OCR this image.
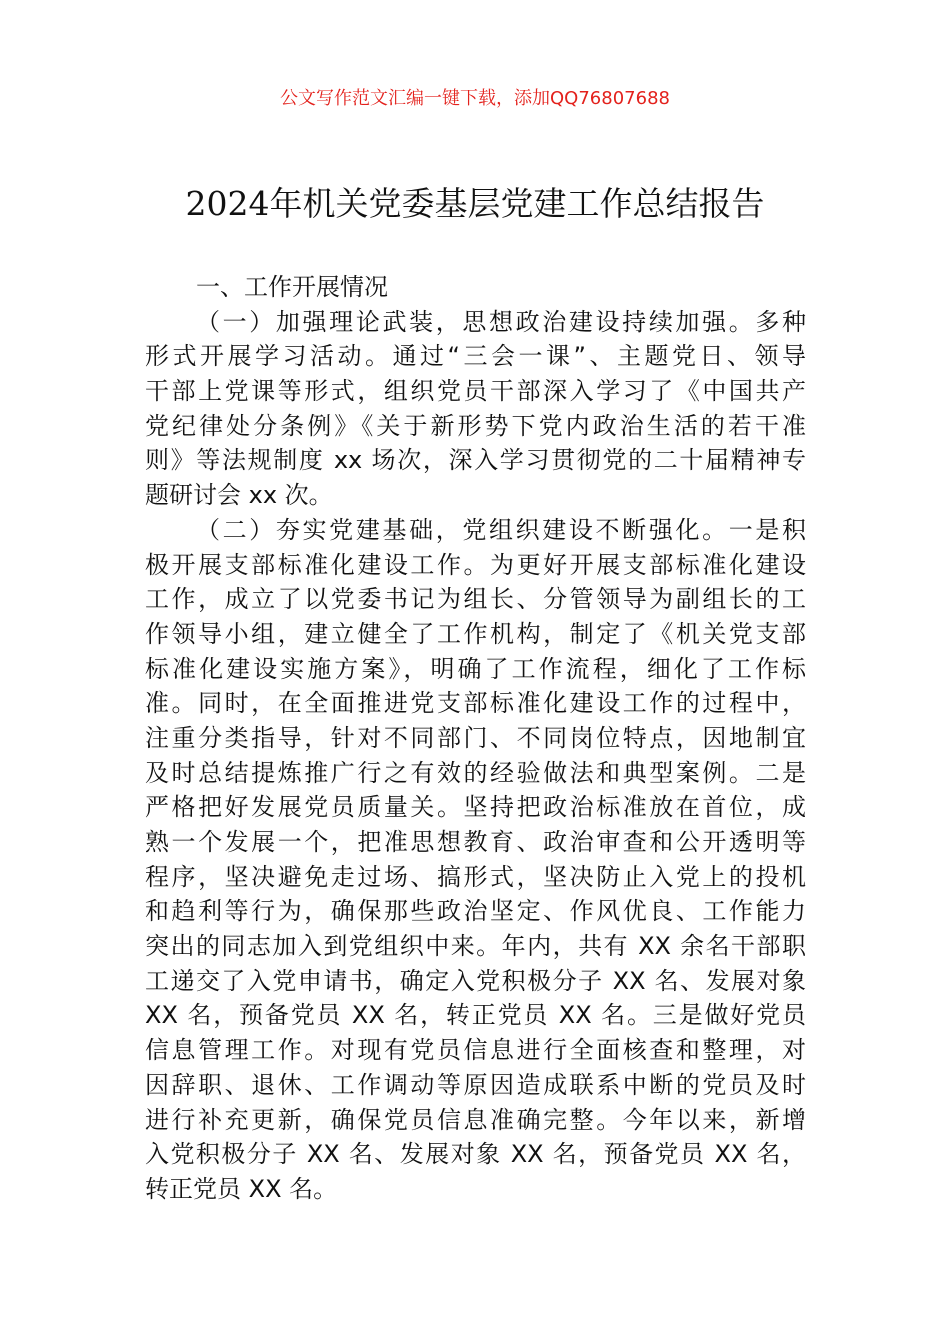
公文写作范文汇编一键下载，添加QQ76807688
2024年机关党委基层党建工作总结报告
一、工作开展情况
（一）加强理论武装，思想政治建设持续加强。多种
形式开展学习活动。通过“三会一课”、主题党日、领导
干部上党课等形式，组织党员干部深入学习了《中国共产
党纪律处分条例》《关于新形势下党内政治生活的若干准
则》等法规制度 xx 场次，深入学习贯彻党的二十届精神专
题研讨会 xx 次。
（二）夯实党建基础，党组织建设不断强化。一是积
极开展支部标准化建设工作。为更好开展支部标准化建设
工作，成立了以党委书记为组长、分管领导为副组长的工
作领导小组，建立健全了工作机构，制定了《机关党支部
标准化建设实施方案》，明确了工作流程，细化了工作标
准。同时，在全面推进党支部标准化建设工作的过程中，
注重分类指导，针对不同部门、不同岗位特点，因地制宜
及时总结提炼推广行之有效的经验做法和典型案例。二是
严格把好发展党员质量关。坚持把政治标准放在首位，成
熟一个发展一个，把准思想教育、政治审查和公开透明等
程序，坚决避免走过场、搞形式，坚决防止入党上的投机
和趋利等行为，确保那些政治坚定、作风优良、工作能力
突出的同志加入到党组织中来。年内，共有 XX 余名干部职
工递交了入党申请书，确定入党积极分子 XX 名、发展对象
XX 名，预备党员 XX 名，转正党员 XX 名。三是做好党员
信息管理工作。对现有党员信息进行全面核查和整理，对
因辞职、退休、工作调动等原因造成联系中断的党员及时
进行补充更新，确保党员信息准确完整。今年以来，新增
入党积极分子 XX 名、发展对象 XX 名，预备党员 XX 名，
转正党员 XX 名。
